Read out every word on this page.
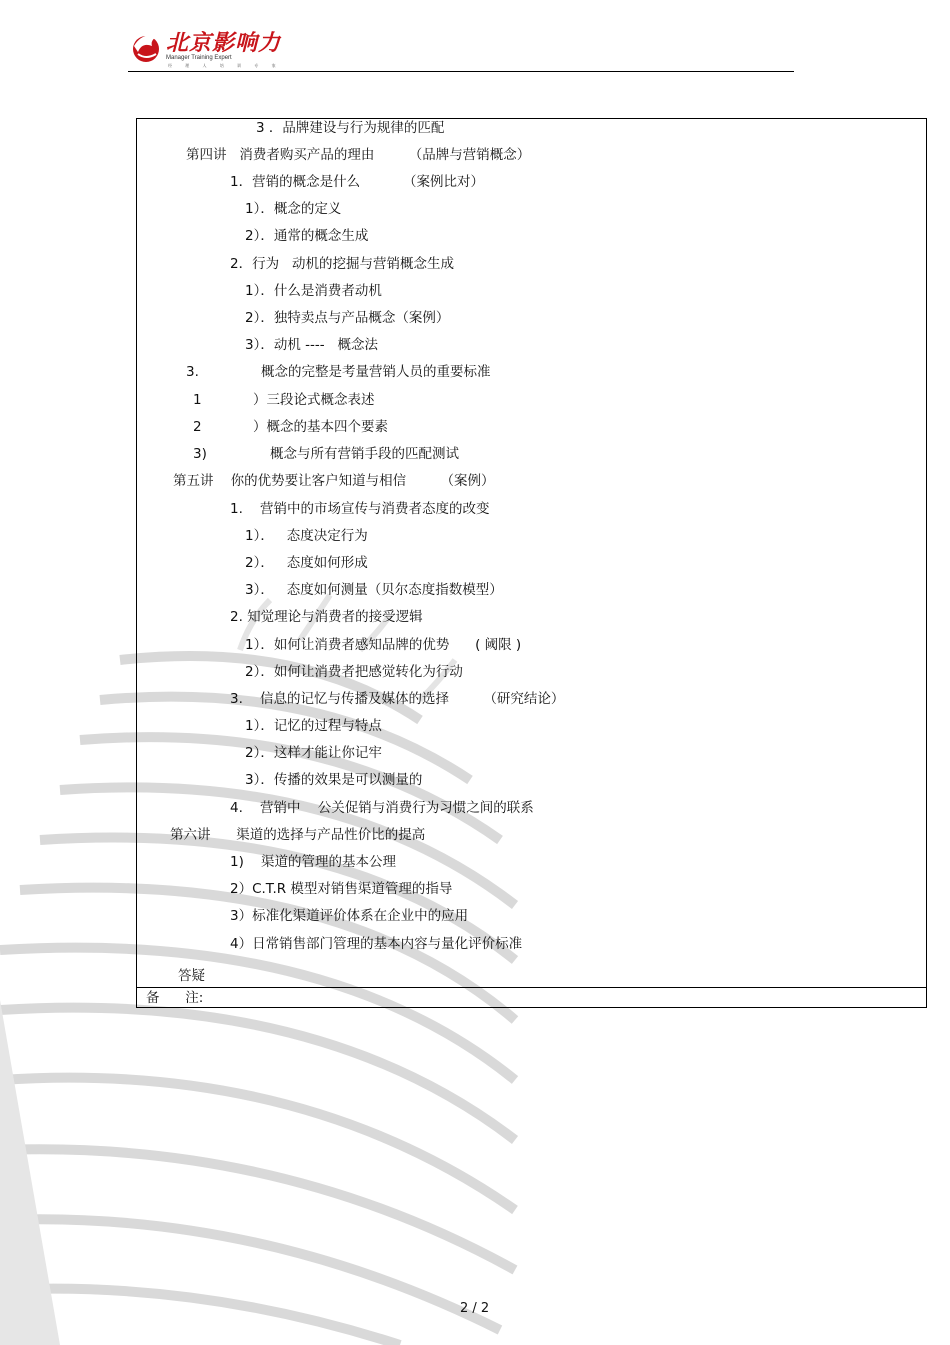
北京影响力
Manager Training Expert
经 理 人 培 训 专 家
3 ．品牌建设与行为规律的匹配
第四讲   消费者购买产品的理由        （品牌与营销概念）
1．营销的概念是什么          （案例比对）
1）．概念的定义
2）．通常的概念生成
2．行为   动机的挖掘与营销概念生成
1）．什么是消费者动机
2）．独特卖点与产品概念（案例）
3）．动机 ----   概念法
3.	概念的完整是考量营销人员的重要标准
1	）三段论式概念表述
2	）概念的基本四个要素
3)	概念与所有营销手段的匹配测试
第五讲    你的优势要让客户知道与相信        （案例）
1.    营销中的市场宣传与消费者态度的改变
1）．   态度决定行为
2）．   态度如何形成
3）．   态度如何测量（贝尔态度指数模型）
2. 知觉理论与消费者的接受逻辑
1）．如何让消费者感知品牌的优势      ( 阈限 )
2）．如何让消费者把感觉转化为行动
3.    信息的记忆与传播及媒体的选择        （研究结论）
1）．记忆的过程与特点
2）．这样才能让你记牢
3）．传播的效果是可以测量的
4.    营销中    公关促销与消费行为习惯之间的联系
第六讲      渠道的选择与产品性价比的提高
1)    渠道的管理的基本公理
2）C.T.R 模型对销售渠道管理的指导
3）标准化渠道评价体系在企业中的应用
4）日常销售部门管理的基本内容与量化评价标准
答疑
备      注:
2 / 2
